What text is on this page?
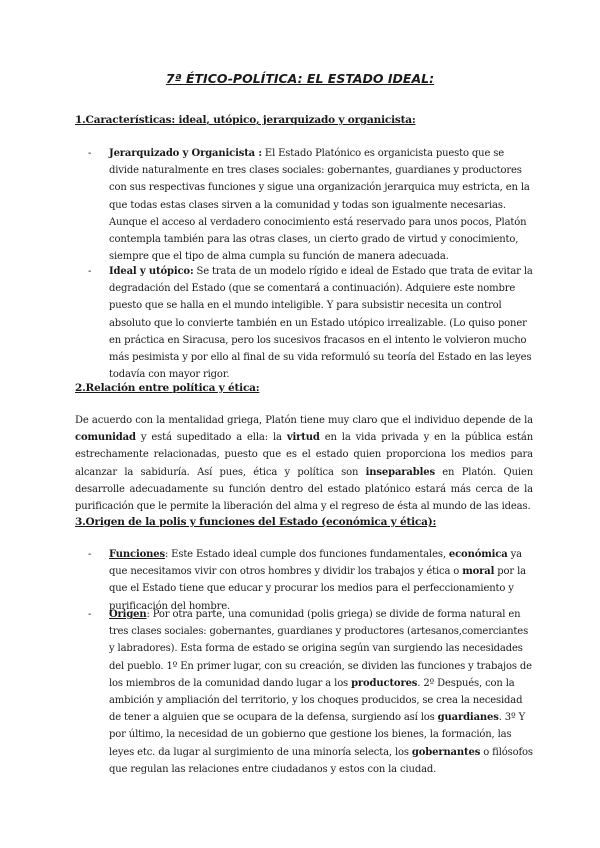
7ª ÉTICO-POLÍTICA: EL ESTADO IDEAL:
1.Características: ideal, utópico, jerarquizado y organicista:
- Jerarquizado y Organicista : El Estado Platónico es organicista puesto que se divide naturalmente en tres clases sociales: gobernantes, guardianes y productores con sus respectivas funciones y sigue una organización jerarquica muy estricta, en la que todas estas clases sirven a la comunidad y todas son igualmente necesarias. Aunque el acceso al verdadero conocimiento está reservado para unos pocos, Platón contempla también para las otras clases, un cierto grado de virtud y conocimiento, siempre que el tipo de alma cumpla su función de manera adecuada.
- Ideal y utópico: Se trata de un modelo rígido e ideal de Estado que trata de evitar la degradación del Estado (que se comentará a continuación). Adquiere este nombre puesto que se halla en el mundo inteligible. Y para subsistir necesita un control absoluto que lo convierte también en un Estado utópico irrealizable. (Lo quiso poner en práctica en Siracusa, pero los sucesivos fracasos en el intento le volvieron mucho más pesimista y por ello al final de su vida reformuló su teoría del Estado en las leyes todavía con mayor rigor.
2.Relación entre política y ética:
De acuerdo con la mentalidad griega, Platón tiene muy claro que el individuo depende de la comunidad y está supeditado a ella: la virtud en la vida privada y en la pública están estrechamente relacionadas, puesto que es el estado quien proporciona los medios para alcanzar la sabiduría. Así pues, ética y política son inseparables en Platón. Quien desarrolle adecuadamente su función dentro del estado platónico estará más cerca de la purificación que le permite la liberación del alma y el regreso de ésta al mundo de las ideas.
3.Origen de la polis y funciones del Estado (económica y ética):
- Funciones: Este Estado ideal cumple dos funciones fundamentales, económica ya que necesitamos vivir con otros hombres y dividir los trabajos y ética o moral por la que el Estado tiene que educar y procurar los medios para el perfeccionamiento y purificación del hombre.
- Origen: Por otra parte, una comunidad (polis griega) se divide de forma natural en tres clases sociales: gobernantes, guardianes y productores (artesanos,comerciantes y labradores). Esta forma de estado se origina según van surgiendo las necesidades del pueblo. 1º En primer lugar, con su creación, se dividen las funciones y trabajos de los miembros de la comunidad dando lugar a los productores. 2º Después, con la ambición y ampliación del territorio, y los choques producidos, se crea la necesidad de tener a alguien que se ocupara de la defensa, surgiendo así los guardianes. 3º Y por último, la necesidad de un gobierno que gestione los bienes, la formación, las leyes etc. da lugar al surgimiento de una minoría selecta, los gobernantes o filósofos que regulan las relaciones entre ciudadanos y estos con la ciudad.
